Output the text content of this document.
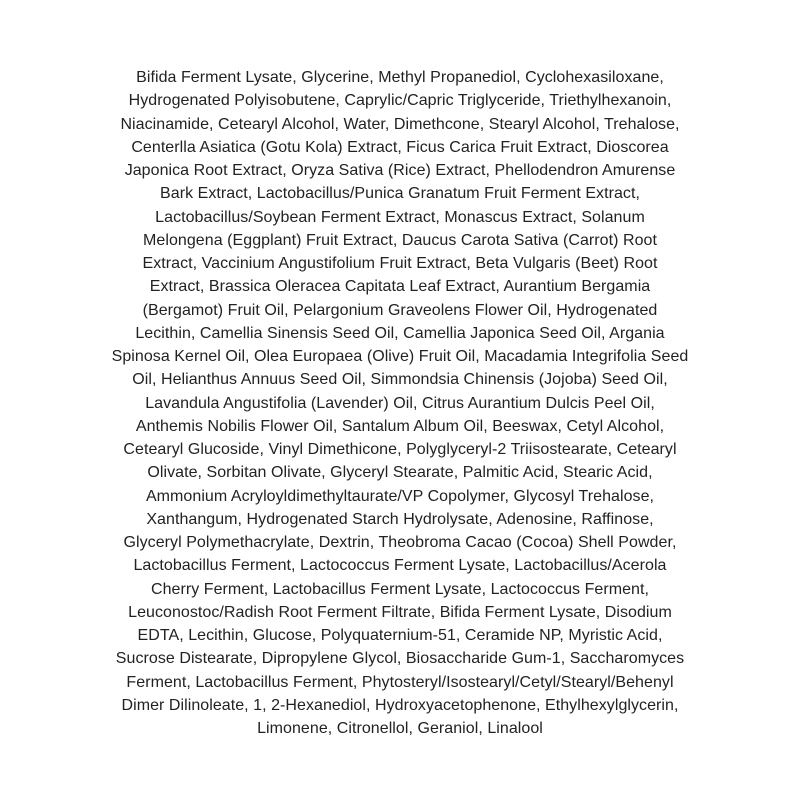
Bifida Ferment Lysate, Glycerine, Methyl Propanediol, Cyclohexasiloxane,
Hydrogenated Polyisobutene, Caprylic/Capric Triglyceride, Triethylhexanoin,
Niacinamide, Cetearyl Alcohol, Water, Dimethcone, Stearyl Alcohol, Trehalose,
Centerlla Asiatica (Gotu Kola) Extract, Ficus Carica Fruit Extract, Dioscorea
Japonica Root Extract, Oryza Sativa (Rice) Extract, Phellodendron Amurense
Bark Extract, Lactobacillus/Punica Granatum Fruit Ferment Extract,
Lactobacillus/Soybean Ferment Extract, Monascus Extract, Solanum
Melongena (Eggplant) Fruit Extract, Daucus Carota Sativa (Carrot) Root
Extract, Vaccinium Angustifolium Fruit Extract, Beta Vulgaris (Beet) Root
Extract, Brassica Oleracea Capitata Leaf Extract, Aurantium Bergamia
(Bergamot) Fruit Oil, Pelargonium Graveolens Flower Oil, Hydrogenated
Lecithin, Camellia Sinensis Seed Oil, Camellia Japonica Seed Oil, Argania
Spinosa Kernel Oil, Olea Europaea (Olive) Fruit Oil, Macadamia Integrifolia Seed
Oil, Helianthus Annuus Seed Oil, Simmondsia Chinensis (Jojoba) Seed Oil,
Lavandula Angustifolia (Lavender) Oil, Citrus Aurantium Dulcis Peel Oil,
Anthemis Nobilis Flower Oil, Santalum Album Oil, Beeswax, Cetyl Alcohol,
Cetearyl Glucoside, Vinyl Dimethicone, Polyglyceryl-2 Triisostearate, Cetearyl
Olivate, Sorbitan Olivate, Glyceryl Stearate, Palmitic Acid, Stearic Acid,
Ammonium Acryloyldimethyltaurate/VP Copolymer, Glycosyl Trehalose,
Xanthangum, Hydrogenated Starch Hydrolysate, Adenosine, Raffinose,
Glyceryl Polymethacrylate, Dextrin, Theobroma Cacao (Cocoa) Shell Powder,
Lactobacillus Ferment, Lactococcus Ferment Lysate, Lactobacillus/Acerola
Cherry Ferment, Lactobacillus Ferment Lysate, Lactococcus Ferment,
Leuconostoc/Radish Root Ferment Filtrate, Bifida Ferment Lysate, Disodium
EDTA, Lecithin, Glucose, Polyquaternium-51, Ceramide NP, Myristic Acid,
Sucrose Distearate, Dipropylene Glycol, Biosaccharide Gum-1, Saccharomyces
Ferment, Lactobacillus Ferment, Phytosteryl/Isostearyl/Cetyl/Stearyl/Behenyl
Dimer Dilinoleate, 1, 2-Hexanediol, Hydroxyacetophenone, Ethylhexylglycerin,
Limonene, Citronellol, Geraniol, Linalool
